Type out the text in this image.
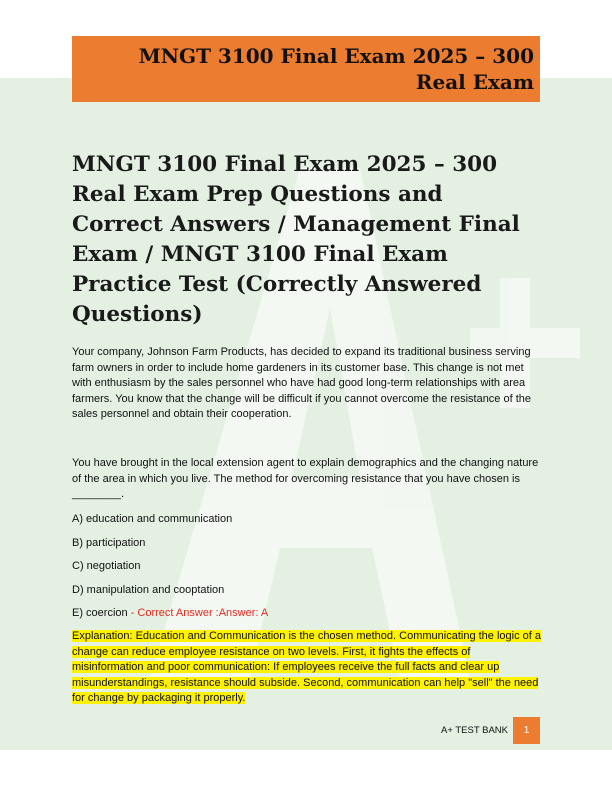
MNGT 3100 Final Exam 2025 – 300 Real Exam
MNGT 3100 Final Exam 2025 – 300 Real Exam Prep Questions and Correct Answers / Management Final Exam / MNGT 3100 Final Exam Practice Test (Correctly Answered Questions)

Your company, Johnson Farm Products, has decided to expand its traditional business serving farm owners in order to include home gardeners in its customer base. This change is not met with enthusiasm by the sales personnel who have had good long-term relationships with area farmers. You know that the change will be difficult if you cannot overcome the resistance of the sales personnel and obtain their cooperation.

You have brought in the local extension agent to explain demographics and the changing nature of the area in which you live. The method for overcoming resistance that you have chosen is ________.

A) education and communication

B) participation

C) negotiation

D) manipulation and cooptation

E) coercion - Correct Answer :Answer: A

Explanation: Education and Communication is the chosen method. Communicating the logic of a change can reduce employee resistance on two levels. First, it fights the effects of misinformation and poor communication: If employees receive the full facts and clear up misunderstandings, resistance should subside. Second, communication can help "sell" the need for change by packaging it properly.

A+ TEST BANK	1
